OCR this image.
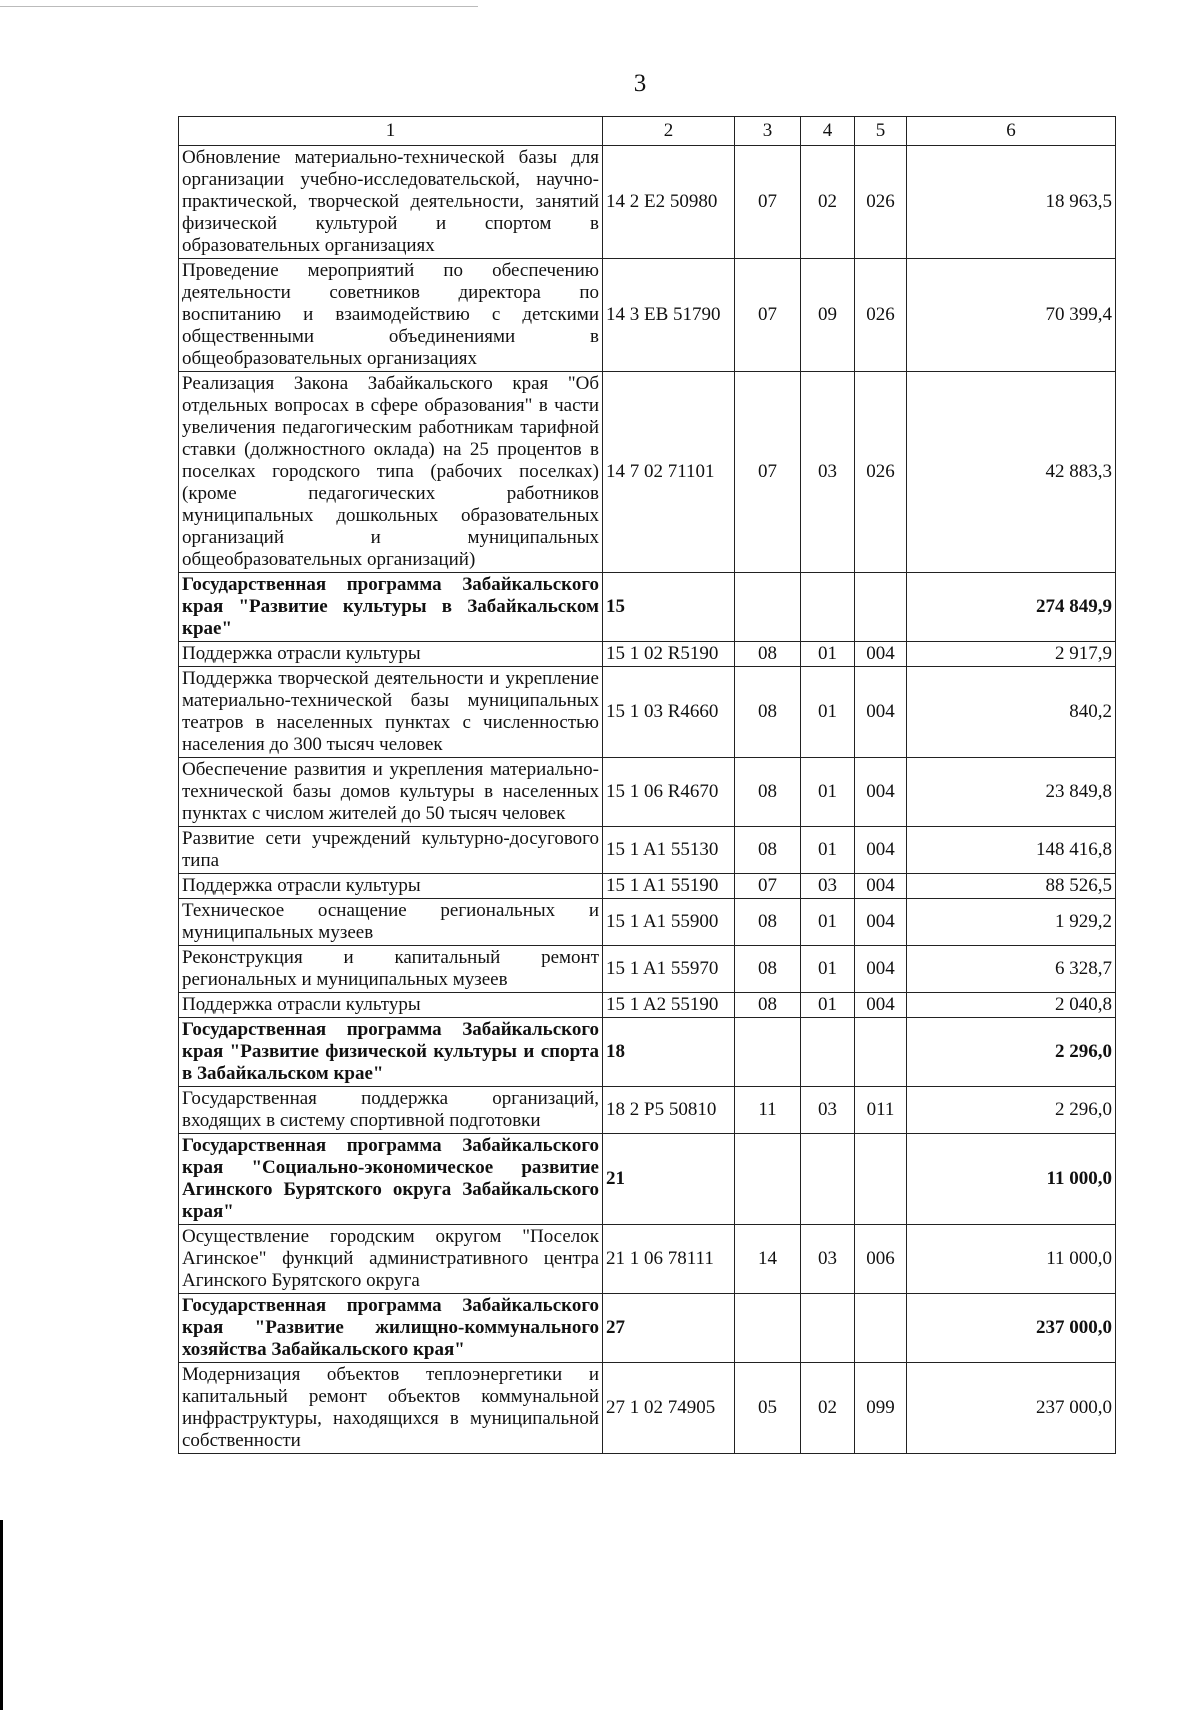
3
1	2	3	4	5	6
Обновление материально-технической базы для организации учебно-исследовательской, научно-практической, творческой деятельности, занятий физической культурой и спортом в образовательных организациях	14 2 E2 50980	07	02	026	18 963,5
Проведение мероприятий по обеспечению деятельности советников директора по воспитанию и взаимодействию с детскими общественными объединениями в общеобразовательных организациях	14 3 EB 51790	07	09	026	70 399,4
Реализация Закона Забайкальского края "Об отдельных вопросах в сфере образования" в части увеличения педагогическим работникам тарифной ставки (должностного оклада) на 25 процентов в поселках городского типа (рабочих поселках) (кроме педагогических работников муниципальных дошкольных образовательных организаций и муниципальных общеобразовательных организаций)	14 7 02 71101	07	03	026	42 883,3
Государственная программа Забайкальского края "Развитие культуры в Забайкальском крае"	15				274 849,9
Поддержка отрасли культуры	15 1 02 R5190	08	01	004	2 917,9
Поддержка творческой деятельности и укрепление материально-технической базы муниципальных театров в населенных пунктах с численностью населения до 300 тысяч человек	15 1 03 R4660	08	01	004	840,2
Обеспечение развития и укрепления материально-технической базы домов культуры в населенных пунктах с числом жителей до 50 тысяч человек	15 1 06 R4670	08	01	004	23 849,8
Развитие сети учреждений культурно-досугового типа	15 1 A1 55130	08	01	004	148 416,8
Поддержка отрасли культуры	15 1 A1 55190	07	03	004	88 526,5
Техническое оснащение региональных и муниципальных музеев	15 1 A1 55900	08	01	004	1 929,2
Реконструкция и капитальный ремонт региональных и муниципальных музеев	15 1 A1 55970	08	01	004	6 328,7
Поддержка отрасли культуры	15 1 A2 55190	08	01	004	2 040,8
Государственная программа Забайкальского края "Развитие физической культуры и спорта в Забайкальском крае"	18				2 296,0
Государственная поддержка организаций, входящих в систему спортивной подготовки	18 2 P5 50810	11	03	011	2 296,0
Государственная программа Забайкальского края "Социально-экономическое развитие Агинского Бурятского округа Забайкальского края"	21				11 000,0
Осуществление городским округом "Поселок Агинское" функций административного центра Агинского Бурятского округа	21 1 06 78111	14	03	006	11 000,0
Государственная программа Забайкальского края "Развитие жилищно-коммунального хозяйства Забайкальского края"	27				237 000,0
Модернизация объектов теплоэнергетики и капитальный ремонт объектов коммунальной инфраструктуры, находящихся в муниципальной собственности	27 1 02 74905	05	02	099	237 000,0
